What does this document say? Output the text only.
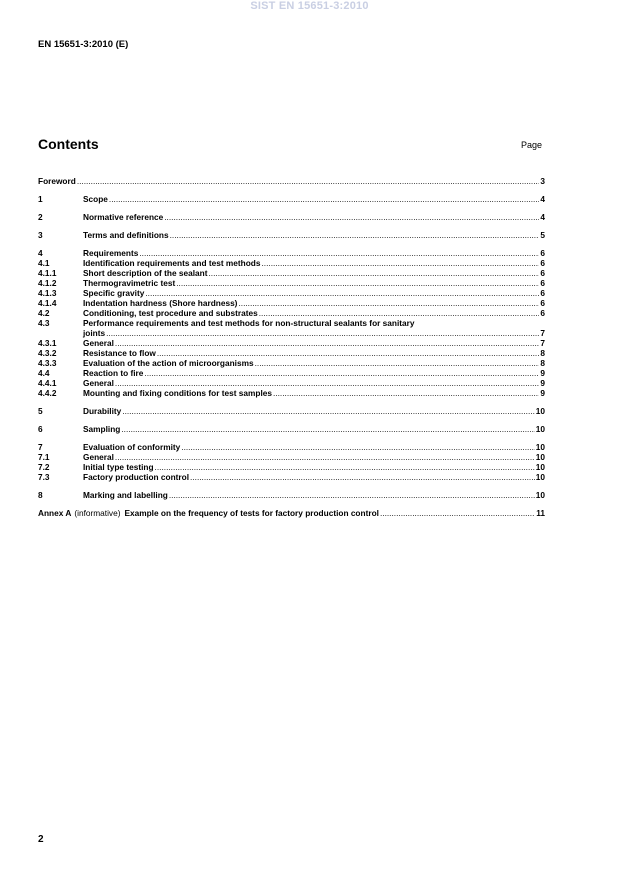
SIST EN 15651-3:2010
EN 15651-3:2010 (E)
Contents	Page
Foreword .....	3
1	Scope .....	4
2	Normative reference .....	4
3	Terms and definitions .....	5
4	Requirements .....	6
4.1	Identification requirements and test methods .....	6
4.1.1	Short description of the sealant .....	6
4.1.2	Thermogravimetric test .....	6
4.1.3	Specific gravity .....	6
4.1.4	Indentation hardness (Shore hardness) .....	6
4.2	Conditioning, test procedure and substrates .....	6
4.3	Performance requirements and test methods for non-structural sealants for sanitary
joints .....	7
4.3.1	General .....	7
4.3.2	Resistance to flow .....	8
4.3.3	Evaluation of the action of microorganisms .....	8
4.4	Reaction to fire .....	9
4.4.1	General .....	9
4.4.2	Mounting and fixing conditions for test samples .....	9
5	Durability .....	10
6	Sampling .....	10
7	Evaluation of conformity .....	10
7.1	General .....	10
7.2	Initial type testing .....	10
7.3	Factory production control .....	10
8	Marking and labelling .....	10
Annex A (informative) Example on the frequency of tests for factory production control .....	11
2
